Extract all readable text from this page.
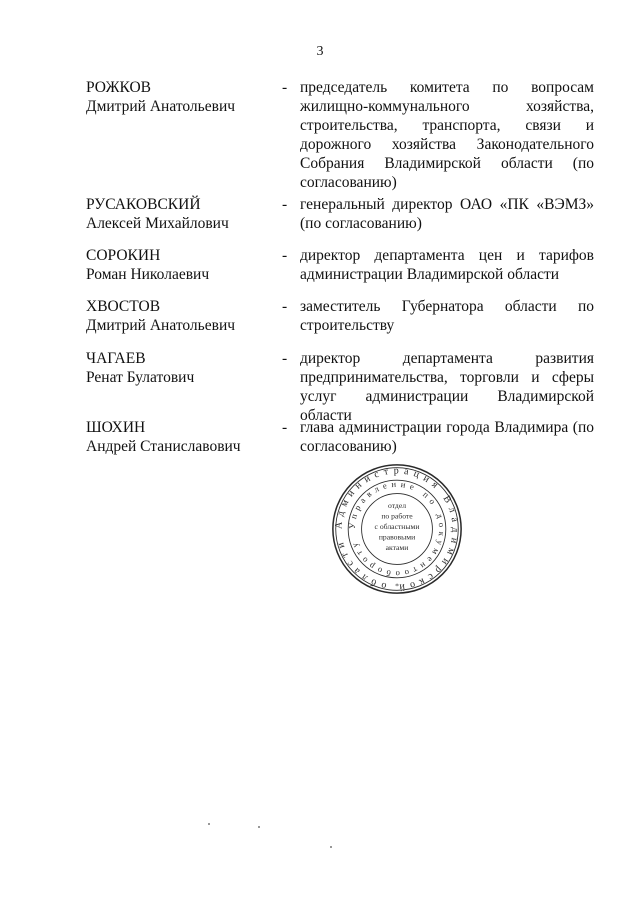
3
РОЖКОВ
Дмитрий Анатольевич
- председатель комитета по вопросам
жилищно-коммунального хозяйства,
строительства, транспорта, связи и
дорожного хозяйства Законодательного
Собрания Владимирской области (по
согласованию)
РУСАКОВСКИЙ
Алексей Михайлович
- генеральный директор ОАО «ПК «ВЭМЗ»
(по согласованию)
СОРОКИН
Роман Николаевич
- директор департамента цен и тарифов
администрации Владимирской области
ХВОСТОВ
Дмитрий Анатольевич
- заместитель Губернатора области по
строительству
ЧАГАЕВ
Ренат Булатович
- директор департамента развития
предпринимательства, торговли и сферы
услуг администрации Владимирской области
ШОХИН
Андрей Станиславович
- глава администрации города Владимира (по
согласованию)
Администрация Владимирской области
Управление по документообороту
отдел
по работе
с областными
правовыми
актами
*
